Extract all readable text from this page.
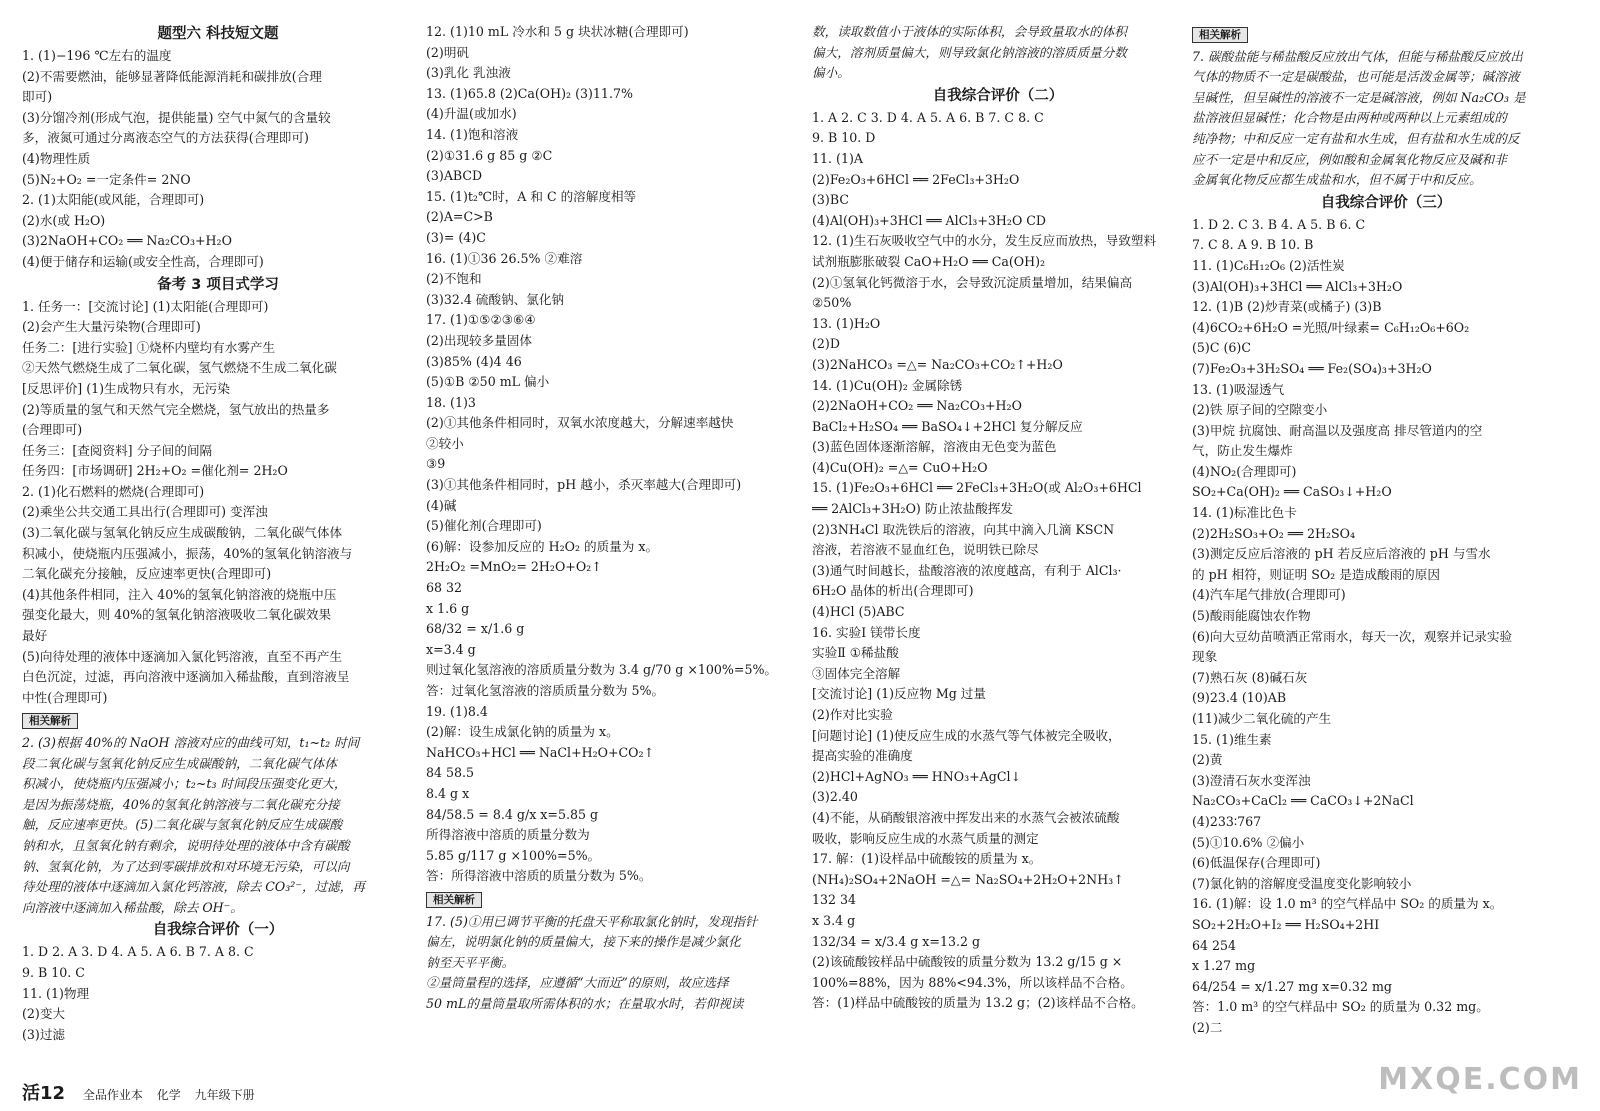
题型六 科技短文题
1. (1)−196 ℃左右的温度
(2)不需要燃油，能够显著降低能源消耗和碳排放(合理
即可)
(3)分馏冷剂(形成气泡，提供能量) 空气中氮气的含量较
多，液氮可通过分离液态空气的方法获得(合理即可)
(4)物理性质
(5)N₂+O₂ =一定条件= 2NO
2. (1)太阳能(或风能，合理即可)
(2)水(或 H₂O)
(3)2NaOH+CO₂ ══ Na₂CO₃+H₂O
(4)便于储存和运输(或安全性高，合理即可)
备考 3 项目式学习
1. 任务一：[交流讨论] (1)太阳能(合理即可)
(2)会产生大量污染物(合理即可)
任务二：[进行实验] ①烧杯内壁均有水雾产生
②天然气燃烧生成了二氧化碳，氢气燃烧不生成二氧化碳
[反思评价] (1)生成物只有水，无污染
(2)等质量的氢气和天然气完全燃烧，氢气放出的热量多
(合理即可)
任务三：[查阅资料] 分子间的间隔
任务四：[市场调研] 2H₂+O₂ =催化剂= 2H₂O
2. (1)化石燃料的燃烧(合理即可)
(2)乘坐公共交通工具出行(合理即可) 变浑浊
(3)二氧化碳与氢氧化钠反应生成碳酸钠，二氧化碳气体体
积减小，使烧瓶内压强减小，振荡，40%的氢氧化钠溶液与
二氧化碳充分接触，反应速率更快(合理即可)
(4)其他条件相同，注入 40%的氢氧化钠溶液的烧瓶中压
强变化最大，则 40%的氢氧化钠溶液吸收二氧化碳效果
最好
(5)向待处理的液体中逐滴加入氯化钙溶液，直至不再产生
白色沉淀，过滤，再向溶液中逐滴加入稀盐酸，直到溶液呈
中性(合理即可)
相关解析
2. (3)根据 40%的 NaOH 溶液对应的曲线可知，t₁~t₂ 时间
段二氧化碳与氢氧化钠反应生成碳酸钠，二氧化碳气体体
积减小，使烧瓶内压强减小；t₂~t₃ 时间段压强变化更大，
是因为振荡烧瓶，40%的氢氧化钠溶液与二氧化碳充分接
触，反应速率更快。(5)二氧化碳与氢氧化钠反应生成碳酸
钠和水，且氢氧化钠有剩余，说明待处理的液体中含有碳酸
钠、氢氧化钠，为了达到零碳排放和对环境无污染，可以向
待处理的液体中逐滴加入氯化钙溶液，除去 CO₃²⁻，过滤，再
向溶液中逐滴加入稀盐酸，除去 OH⁻。
自我综合评价（一）
1. D 2. A 3. D 4. A 5. A 6. B 7. A 8. C
9. B 10. C
11. (1)物理
(2)变大
(3)过滤
12. (1)10 mL 冷水和 5 g 块状冰糖(合理即可)
(2)明矾
(3)乳化 乳浊液
13. (1)65.8 (2)Ca(OH)₂ (3)11.7%
(4)升温(或加水)
14. (1)饱和溶液
(2)①31.6 g 85 g ②C
(3)ABCD
15. (1)t₂℃时，A 和 C 的溶解度相等
(2)A=C>B
(3)= (4)C
16. (1)①36 26.5% ②难溶
(2)不饱和
(3)32.4 硫酸钠、氯化钠
17. (1)①⑤②③⑥④
(2)出现较多量固体
(3)85% (4)4 46
(5)①B ②50 mL 偏小
18. (1)3
(2)①其他条件相同时，双氧水浓度越大，分解速率越快
②较小
③9
(3)①其他条件相同时，pH 越小，杀灭率越大(合理即可)
(4)碱
(5)催化剂(合理即可)
(6)解：设参加反应的 H₂O₂ 的质量为 x。
2H₂O₂ =MnO₂= 2H₂O+O₂↑
68 32
x 1.6 g
68/32 = x/1.6 g
x=3.4 g
则过氧化氢溶液的溶质质量分数为 3.4 g/70 g ×100%=5%。
答：过氧化氢溶液的溶质质量分数为 5%。
19. (1)8.4
(2)解：设生成氯化钠的质量为 x。
NaHCO₃+HCl ══ NaCl+H₂O+CO₂↑
84 58.5
8.4 g x
84/58.5 = 8.4 g/x x=5.85 g
所得溶液中溶质的质量分数为
5.85 g/117 g ×100%=5%。
答：所得溶液中溶质的质量分数为 5%。
相关解析
17. (5)①用已调节平衡的托盘天平称取氯化钠时，发现指针
偏左，说明氯化钠的质量偏大，接下来的操作是减少氯化
钠至天平平衡。
②量筒量程的选择，应遵循“大而近”的原则，故应选择
50 mL的量筒量取所需体积的水；在量取水时，若仰视读
数，读取数值小于液体的实际体积，会导致量取水的体积
偏大，溶剂质量偏大，则导致氯化钠溶液的溶质质量分数
偏小。
自我综合评价（二）
1. A 2. C 3. D 4. A 5. A 6. B 7. C 8. C
9. B 10. D
11. (1)A
(2)Fe₂O₃+6HCl ══ 2FeCl₃+3H₂O
(3)BC
(4)Al(OH)₃+3HCl ══ AlCl₃+3H₂O CD
12. (1)生石灰吸收空气中的水分，发生反应而放热，导致塑料
试剂瓶膨胀破裂 CaO+H₂O ══ Ca(OH)₂
(2)①氢氧化钙微溶于水，会导致沉淀质量增加，结果偏高
②50%
13. (1)H₂O
(2)D
(3)2NaHCO₃ =△= Na₂CO₃+CO₂↑+H₂O
14. (1)Cu(OH)₂ 金属除锈
(2)2NaOH+CO₂ ══ Na₂CO₃+H₂O
BaCl₂+H₂SO₄ ══ BaSO₄↓+2HCl 复分解反应
(3)蓝色固体逐渐溶解，溶液由无色变为蓝色
(4)Cu(OH)₂ =△= CuO+H₂O
15. (1)Fe₂O₃+6HCl ══ 2FeCl₃+3H₂O(或 Al₂O₃+6HCl
══ 2AlCl₃+3H₂O) 防止浓盐酸挥发
(2)3NH₄Cl 取洗铁后的溶液，向其中滴入几滴 KSCN
溶液，若溶液不显血红色，说明铁已除尽
(3)通气时间越长，盐酸溶液的浓度越高，有利于 AlCl₃·
6H₂O 晶体的析出(合理即可)
(4)HCl (5)ABC
16. 实验Ⅰ 镁带长度
实验Ⅱ ①稀盐酸
③固体完全溶解
[交流讨论] (1)反应物 Mg 过量
(2)作对比实验
[问题讨论] (1)使反应生成的水蒸气等气体被完全吸收，
提高实验的准确度
(2)HCl+AgNO₃ ══ HNO₃+AgCl↓
(3)2.40
(4)不能，从硝酸银溶液中挥发出来的水蒸气会被浓硫酸
吸收，影响反应生成的水蒸气质量的测定
17. 解：(1)设样品中硫酸铵的质量为 x。
(NH₄)₂SO₄+2NaOH =△= Na₂SO₄+2H₂O+2NH₃↑
132 34
x 3.4 g
132/34 = x/3.4 g x=13.2 g
(2)该硫酸铵样品中硫酸铵的质量分数为 13.2 g/15 g ×
100%=88%，因为 88%<94.3%，所以该样品不合格。
答：(1)样品中硫酸铵的质量为 13.2 g；(2)该样品不合格。
相关解析
7. 碳酸盐能与稀盐酸反应放出气体，但能与稀盐酸反应放出
气体的物质不一定是碳酸盐，也可能是活泼金属等；碱溶液
呈碱性，但呈碱性的溶液不一定是碱溶液，例如 Na₂CO₃ 是
盐溶液但显碱性；化合物是由两种或两种以上元素组成的
纯净物；中和反应一定有盐和水生成，但有盐和水生成的反
应不一定是中和反应，例如酸和金属氧化物反应及碱和非
金属氧化物反应都生成盐和水，但不属于中和反应。
自我综合评价（三）
1. D 2. C 3. B 4. A 5. B 6. C
7. C 8. A 9. B 10. B
11. (1)C₆H₁₂O₆ (2)活性炭
(3)Al(OH)₃+3HCl ══ AlCl₃+3H₂O
12. (1)B (2)炒青菜(或橘子) (3)B
(4)6CO₂+6H₂O =光照/叶绿素= C₆H₁₂O₆+6O₂
(5)C (6)C
(7)Fe₂O₃+3H₂SO₄ ══ Fe₂(SO₄)₃+3H₂O
13. (1)吸湿透气
(2)铁 原子间的空隙变小
(3)甲烷 抗腐蚀、耐高温以及强度高 排尽管道内的空
气，防止发生爆炸
(4)NO₂(合理即可)
SO₂+Ca(OH)₂ ══ CaSO₃↓+H₂O
14. (1)标准比色卡
(2)2H₂SO₃+O₂ ══ 2H₂SO₄
(3)测定反应后溶液的 pH 若反应后溶液的 pH 与雪水
的 pH 相符，则证明 SO₂ 是造成酸雨的原因
(4)汽车尾气排放(合理即可)
(5)酸雨能腐蚀农作物
(6)向大豆幼苗喷洒正常雨水，每天一次，观察并记录实验
现象
(7)熟石灰 (8)碱石灰
(9)23.4 (10)AB
(11)减少二氧化硫的产生
15. (1)维生素
(2)黄
(3)澄清石灰水变浑浊
Na₂CO₃+CaCl₂ ══ CaCO₃↓+2NaCl
(4)233∶767
(5)①10.6% ②偏小
(6)低温保存(合理即可)
(7)氯化钠的溶解度受温度变化影响较小
16. (1)解：设 1.0 m³ 的空气样品中 SO₂ 的质量为 x。
SO₂+2H₂O+I₂ ══ H₂SO₄+2HI
64 254
x 1.27 mg
64/254 = x/1.27 mg x=0.32 mg
答：1.0 m³ 的空气样品中 SO₂ 的质量为 0.32 mg。
(2)二
活12 全品作业本 化学 九年级下册	MXQE.COM
